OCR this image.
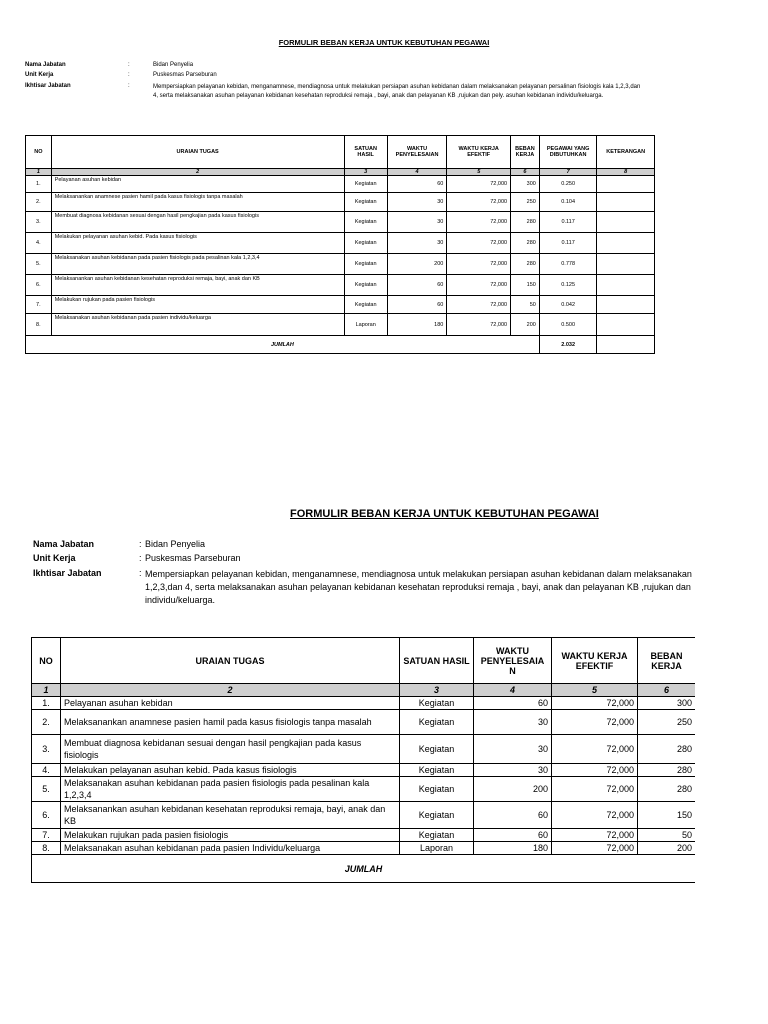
FORMULIR BEBAN KERJA UNTUK KEBUTUHAN PEGAWAI
Nama Jabatan	:	Bidan Penyelia
Unit Kerja	:	Puskesmas Parseburan
Ikhtisar Jabatan	:	Mempersiapkan pelayanan kebidan, menganamnese, mendiagnosa untuk melakukan persiapan asuhan kebidanan dalam melaksanakan pelayanan persalinan fisiologis kala 1,2,3,dan 4, serta melaksanakan asuhan pelayanan kebidanan kesehatan reproduksi remaja , bayi, anak dan pelayanan KB ,rujukan dan pely. asuhan kebidanan individu/keluarga.
NO	URAIAN TUGAS	SATUAN HASIL	WAKTU PENYELESAIAN	WAKTU KERJA EFEKTIF	BEBAN KERJA	PEGAWAI YANG DIBUTUHKAN	KETERANGAN
1	2	3	4	5	6	7	8
1.	Pelayanan asuhan kebidan	Kegiatan	60	72,000	300	0.250	
2.	Melaksanankan anamnese pasien hamil pada kasus fisiologis tanpa masalah	Kegiatan	30	72,000	250	0.104	
3.	Membuat diagnosa kebidanan sesuai dengan hasil pengkajian pada kasus fisiologis	Kegiatan	30	72,000	280	0.117	
4.	Melakukan pelayanan asuhan kebid. Pada kasus fisiologis	Kegiatan	30	72,000	280	0.117	
5.	Melaksanakan asuhan kebidanan pada pasien fisiologis pada pesalinan kala 1,2,3,4	Kegiatan	200	72,000	280	0.778	
6.	Melaksanankan asuhan kebidanan kesehatan reproduksi remaja, bayi, anak dan KB	Kegiatan	60	72,000	150	0.125	
7.	Melakukan rujukan pada pasien fisiologis	Kegiatan	60	72,000	50	0.042	
8.	Melaksanakan asuhan kebidanan pada pasien individu/keluarga	Laporan	180	72,000	200	0.500	
JUMLAH						2.032	
FORMULIR BEBAN KERJA UNTUK KEBUTUHAN PEGAWAI
Nama Jabatan	: Bidan Penyelia
Unit Kerja	: Puskesmas Parseburan
Ikhtisar Jabatan	: Mempersiapkan pelayanan kebidan, menganamnese, mendiagnosa untuk melakukan persiapan asuhan kebidanan dalam melaksanakan
1,2,3,dan 4, serta melaksanakan asuhan pelayanan kebidanan kesehatan reproduksi remaja , bayi, anak dan pelayanan KB ,rujukan dan
individu/keluarga.
NO	URAIAN TUGAS	SATUAN HASIL	WAKTU PENYELESAIA N	WAKTU KERJA EFEKTIF	BEBAN KERJA
1	2	3	4	5	6
1.	Pelayanan asuhan kebidan	Kegiatan	60	72,000	300
2.	Melaksanankan anamnese pasien hamil pada kasus fisiologis tanpa masalah	Kegiatan	30	72,000	250
3.	Membuat diagnosa kebidanan sesuai dengan hasil pengkajian pada kasus fisiologis	Kegiatan	30	72,000	280
4.	Melakukan pelayanan asuhan kebid. Pada kasus fisiologis	Kegiatan	30	72,000	280
5.	Melaksanakan asuhan kebidanan pada pasien fisiologis pada pesalinan kala 1,2,3,4	Kegiatan	200	72,000	280
6.	Melaksanankan asuhan kebidanan kesehatan reproduksi remaja, bayi, anak dan KB	Kegiatan	60	72,000	150
7.	Melakukan rujukan pada pasien fisiologis	Kegiatan	60	72,000	50
8.	Melaksanakan asuhan kebidanan pada pasien Individu/keluarga	Laporan	180	72,000	200
JUMLAH					
